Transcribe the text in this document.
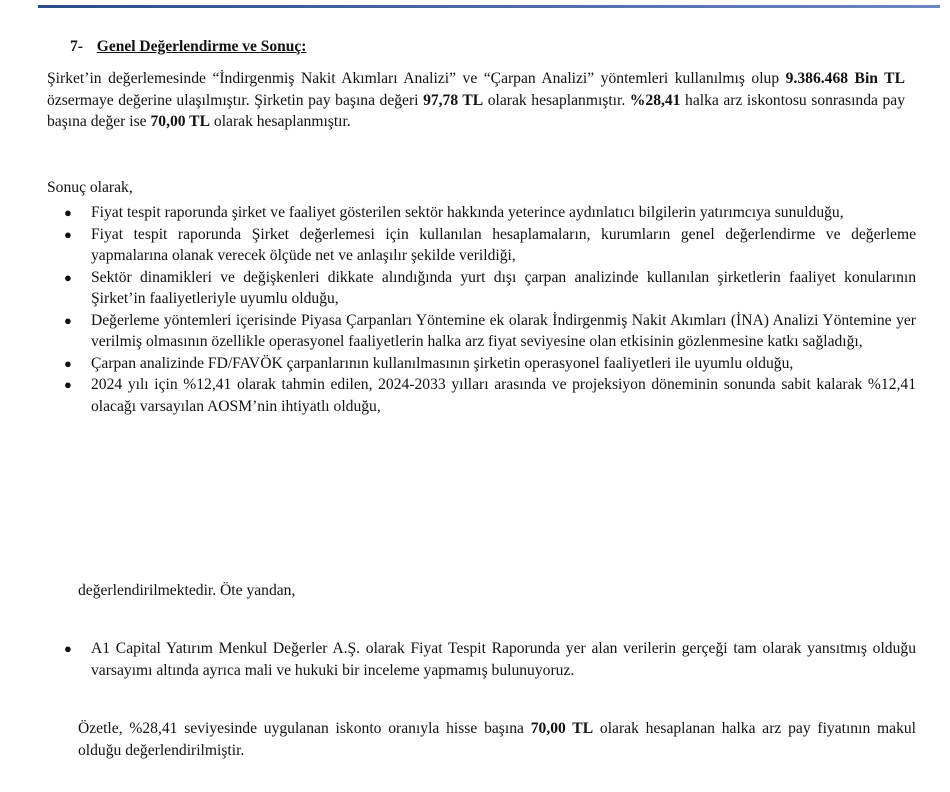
7- Genel Değerlendirme ve Sonuç:

Şirket’in değerlemesinde “İndirgenmiş Nakit Akımları Analizi” ve “Çarpan Analizi” yöntemleri kullanılmış olup 9.386.468 Bin TL özsermaye değerine ulaşılmıştır. Şirketin pay başına değeri 97,78 TL olarak hesaplanmıştır. %28,41 halka arz iskontosu sonrasında pay başına değer ise 70,00 TL olarak hesaplanmıştır.

Sonuç olarak,

● Fiyat tespit raporunda şirket ve faaliyet gösterilen sektör hakkında yeterince aydınlatıcı bilgilerin yatırımcıya sunulduğu,
● Fiyat tespit raporunda Şirket değerlemesi için kullanılan hesaplamaların, kurumların genel değerlendirme ve değerleme yapmalarına olanak verecek ölçüde net ve anlaşılır şekilde verildiği,
● Sektör dinamikleri ve değişkenleri dikkate alındığında yurt dışı çarpan analizinde kullanılan şirketlerin faaliyet konularının Şirket’in faaliyetleriyle uyumlu olduğu,
● Değerleme yöntemleri içerisinde Piyasa Çarpanları Yöntemine ek olarak İndirgenmiş Nakit Akımları (İNA) Analizi Yöntemine yer verilmiş olmasının özellikle operasyonel faaliyetlerin halka arz fiyat seviyesine olan etkisinin gözlenmesine katkı sağladığı,
● Çarpan analizinde FD/FAVÖK çarpanlarının kullanılmasının şirketin operasyonel faaliyetleri ile uyumlu olduğu,
● 2024 yılı için %12,41 olarak tahmin edilen, 2024-2033 yılları arasında ve projeksiyon döneminin sonunda sabit kalarak %12,41 olacağı varsayılan AOSM’nin ihtiyatlı olduğu,

değerlendirilmektedir. Öte yandan,

● A1 Capital Yatırım Menkul Değerler A.Ş. olarak Fiyat Tespit Raporunda yer alan verilerin gerçeği tam olarak yansıtmış olduğu varsayımı altında ayrıca mali ve hukuki bir inceleme yapmamış bulunuyoruz.

Özetle, %28,41 seviyesinde uygulanan iskonto oranıyla hisse başına 70,00 TL olarak hesaplanan halka arz pay fiyatının makul olduğu değerlendirilmiştir.
